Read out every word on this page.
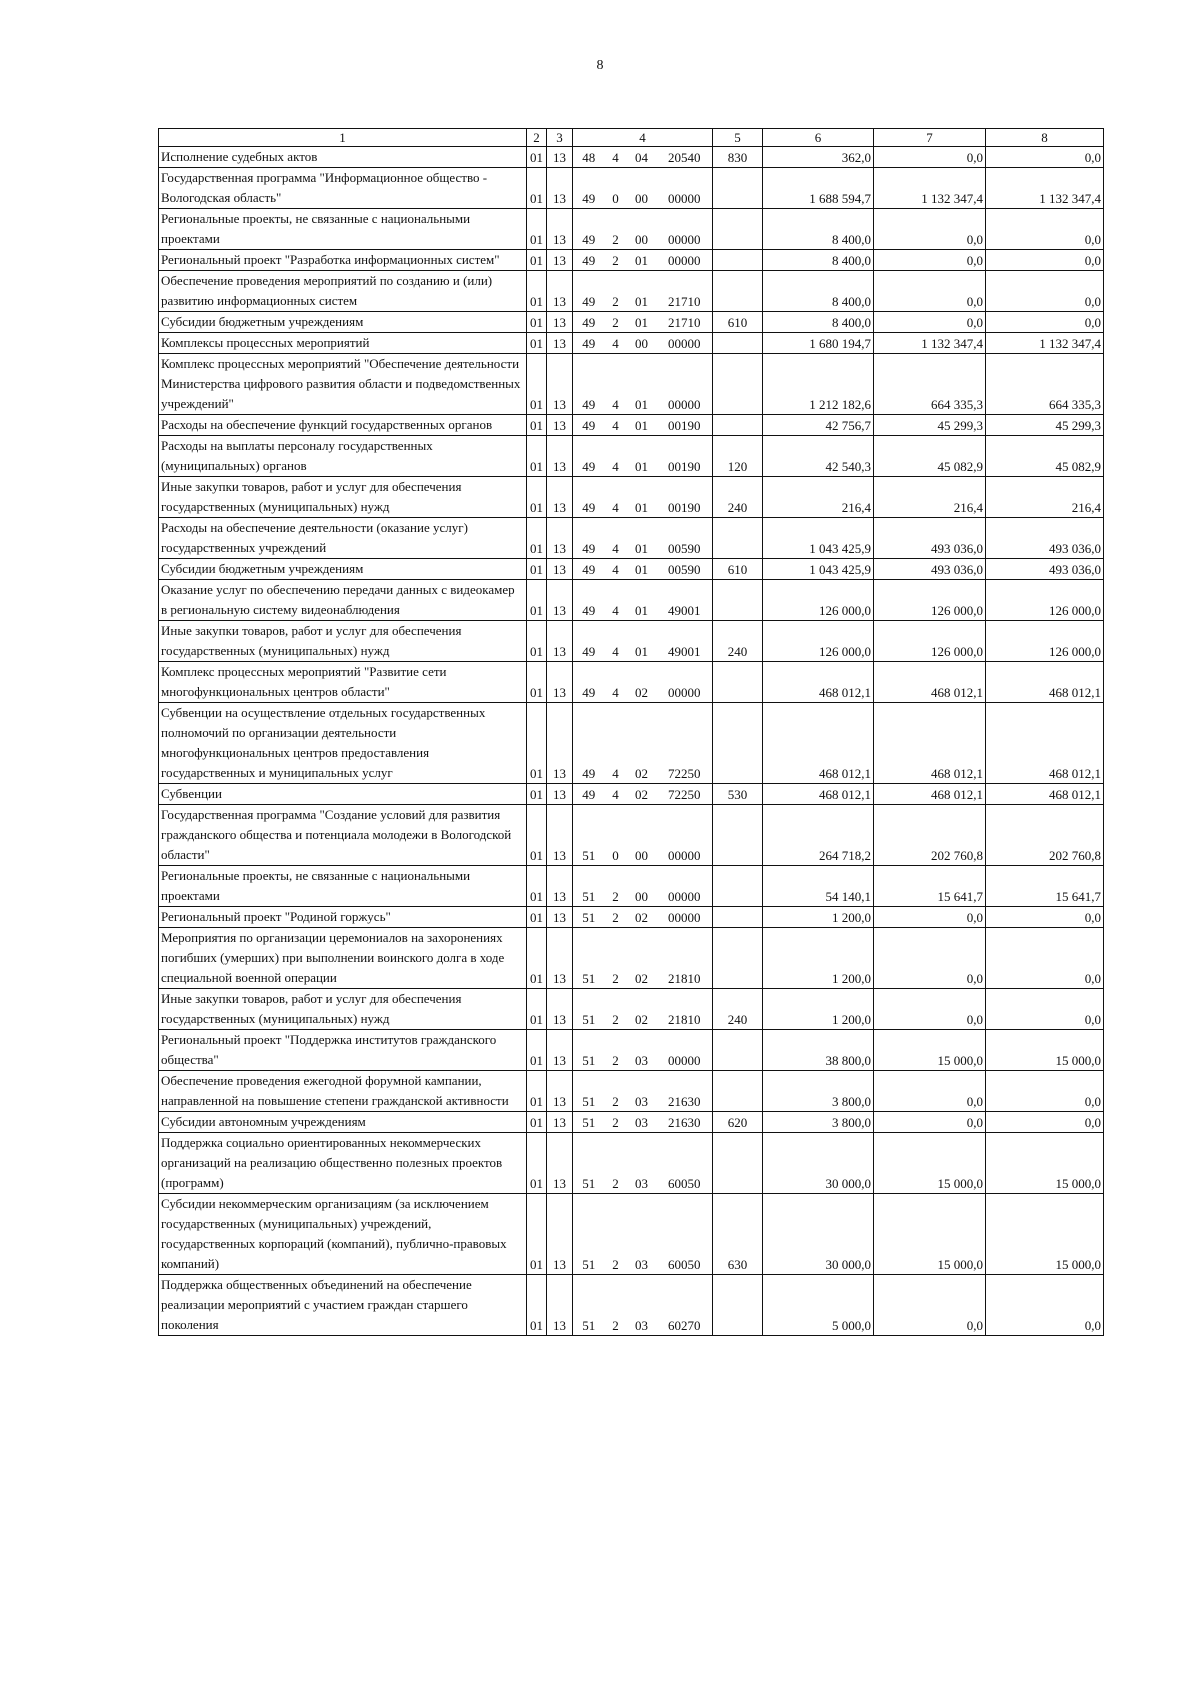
8
1	2	3	4				5	6	7	8
Исполнение судебных актов	01	13	48	4	04	20540	830	362,0	0,0	0,0
Государственная программа "Информационное общество - Вологодская область"	01	13	49	0	00	00000		1 688 594,7	1 132 347,4	1 132 347,4
Региональные проекты, не связанные с национальными проектами	01	13	49	2	00	00000		8 400,0	0,0	0,0
Региональный проект "Разработка информационных систем"	01	13	49	2	01	00000		8 400,0	0,0	0,0
Обеспечение проведения мероприятий по созданию и (или) развитию информационных систем	01	13	49	2	01	21710		8 400,0	0,0	0,0
Субсидии бюджетным учреждениям	01	13	49	2	01	21710	610	8 400,0	0,0	0,0
Комплексы процессных мероприятий	01	13	49	4	00	00000		1 680 194,7	1 132 347,4	1 132 347,4
Комплекс процессных мероприятий "Обеспечение деятельности Министерства цифрового развития области и подведомственных учреждений"	01	13	49	4	01	00000		1 212 182,6	664 335,3	664 335,3
Расходы на обеспечение функций государственных органов	01	13	49	4	01	00190		42 756,7	45 299,3	45 299,3
Расходы на выплаты персоналу государственных (муниципальных) органов	01	13	49	4	01	00190	120	42 540,3	45 082,9	45 082,9
Иные закупки товаров, работ и услуг для обеспечения государственных (муниципальных) нужд	01	13	49	4	01	00190	240	216,4	216,4	216,4
Расходы на обеспечение деятельности (оказание услуг) государственных учреждений	01	13	49	4	01	00590		1 043 425,9	493 036,0	493 036,0
Субсидии бюджетным учреждениям	01	13	49	4	01	00590	610	1 043 425,9	493 036,0	493 036,0
Оказание услуг по обеспечению передачи данных с видеокамер в региональную систему видеонаблюдения	01	13	49	4	01	49001		126 000,0	126 000,0	126 000,0
Иные закупки товаров, работ и услуг для обеспечения государственных (муниципальных) нужд	01	13	49	4	01	49001	240	126 000,0	126 000,0	126 000,0
Комплекс процессных мероприятий "Развитие сети многофункциональных центров области"	01	13	49	4	02	00000		468 012,1	468 012,1	468 012,1
Субвенции на осуществление отдельных государственных полномочий по организации деятельности многофункциональных центров предоставления государственных и муниципальных услуг	01	13	49	4	02	72250		468 012,1	468 012,1	468 012,1
Субвенции	01	13	49	4	02	72250	530	468 012,1	468 012,1	468 012,1
Государственная программа "Создание условий для развития гражданского общества и потенциала молодежи в Вологодской области"	01	13	51	0	00	00000		264 718,2	202 760,8	202 760,8
Региональные проекты, не связанные с национальными проектами	01	13	51	2	00	00000		54 140,1	15 641,7	15 641,7
Региональный проект "Родиной горжусь"	01	13	51	2	02	00000		1 200,0	0,0	0,0
Мероприятия по организации церемониалов на захоронениях погибших (умерших) при выполнении воинского долга в ходе специальной военной операции	01	13	51	2	02	21810		1 200,0	0,0	0,0
Иные закупки товаров, работ и услуг для обеспечения государственных (муниципальных) нужд	01	13	51	2	02	21810	240	1 200,0	0,0	0,0
Региональный проект "Поддержка институтов гражданского общества"	01	13	51	2	03	00000		38 800,0	15 000,0	15 000,0
Обеспечение проведения ежегодной форумной кампании, направленной на повышение степени гражданской активности	01	13	51	2	03	21630		3 800,0	0,0	0,0
Субсидии автономным учреждениям	01	13	51	2	03	21630	620	3 800,0	0,0	0,0
Поддержка социально ориентированных некоммерческих организаций на реализацию общественно полезных проектов (программ)	01	13	51	2	03	60050		30 000,0	15 000,0	15 000,0
Субсидии некоммерческим организациям (за исключением государственных (муниципальных) учреждений, государственных корпораций (компаний), публично-правовых компаний)	01	13	51	2	03	60050	630	30 000,0	15 000,0	15 000,0
Поддержка общественных объединений на обеспечение реализации мероприятий с участием граждан старшего поколения	01	13	51	2	03	60270		5 000,0	0,0	0,0
